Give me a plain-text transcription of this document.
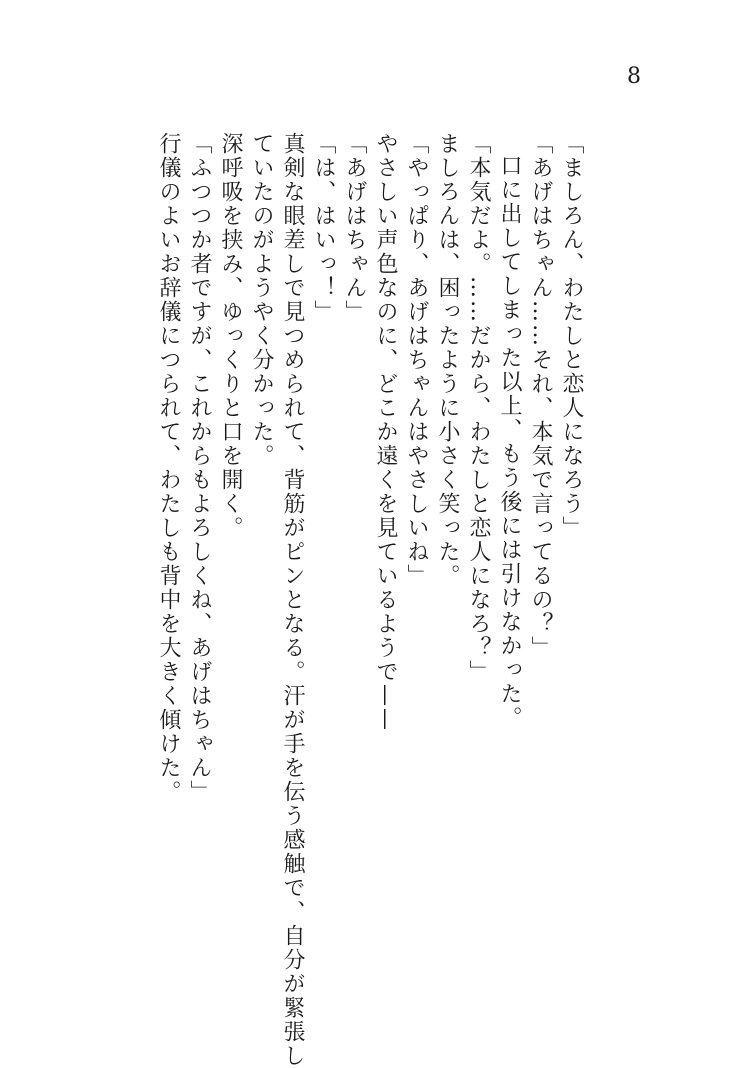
8
「ましろん、わたしと恋人になろう」
「あげはちゃん……それ、本気で言ってるの？」
口に出してしまった以上、もう後には引けなかった。
「本気だよ。……だから、わたしと恋人になろ？」
ましろんは、困ったように小さく笑った。
「やっぱり、あげはちゃんはやさしいね」
やさしい声色なのに、どこか遠くを見ているようで——
「あげはちゃん」
「は、はいっ！」
真剣な眼差しで見つめられて、背筋がピンとなる。汗が手を伝う感触で、自分が緊張し
ていたのがようやく分かった。
深呼吸を挟み、ゆっくりと口を開く。
「ふつつか者ですが、これからもよろしくね、あげはちゃん」
行儀のよいお辞儀につられて、わたしも背中を大きく傾けた。
